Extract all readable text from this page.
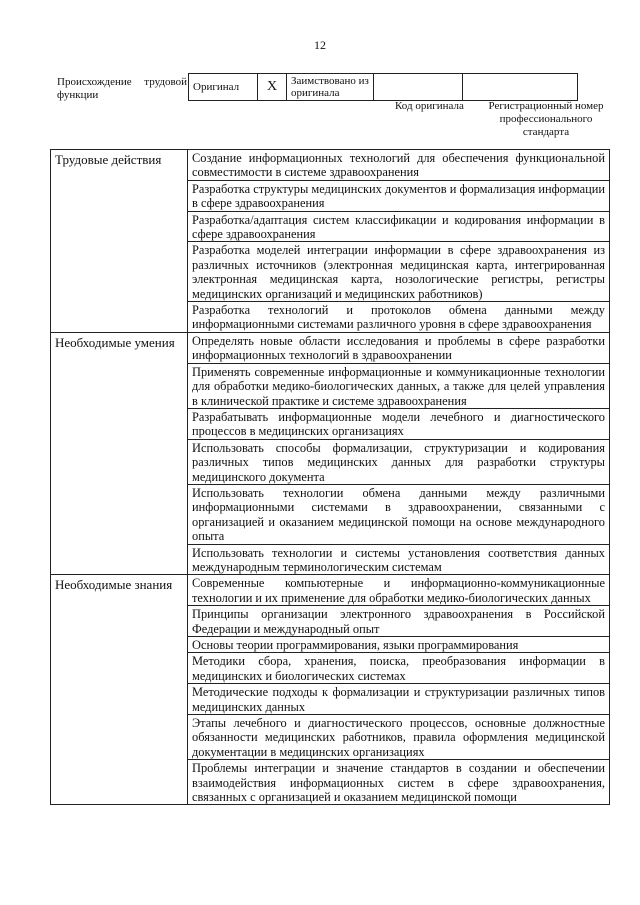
12
Происхождение трудовой функции
Оригинал	X	Заимствовано из оригинала		
Код оригинала Регистрационный номер профессионального стандарта
Трудовые действия	Создание информационных технологий для обеспечения функциональной совместимости в системе здравоохранения
	Разработка структуры медицинских документов и формализация информации в сфере здравоохранения
	Разработка/адаптация систем классификации и кодирования информации в сфере здравоохранения
	Разработка моделей интеграции информации в сфере здравоохранения из различных источников (электронная медицинская карта, интегрированная электронная медицинская карта, нозологические регистры, регистры медицинских организаций и медицинских работников)
	Разработка технологий и протоколов обмена данными между информационными системами различного уровня в сфере здравоохранения
Необходимые умения	Определять новые области исследования и проблемы в сфере разработки информационных технологий в здравоохранении
	Применять современные информационные и коммуникационные технологии для обработки медико-биологических данных, а также для целей управления в клинической практике и системе здравоохранения
	Разрабатывать информационные модели лечебного и диагностического процессов в медицинских организациях
	Использовать способы формализации, структуризации и кодирования различных типов медицинских данных для разработки структуры медицинского документа
	Использовать технологии обмена данными между различными информационными системами в здравоохранении, связанными с организацией и оказанием медицинской помощи на основе международного опыта
	Использовать технологии и системы установления соответствия данных международным терминологическим системам
Необходимые знания	Современные компьютерные и информационно-коммуникационные технологии и их применение для обработки медико-биологических данных
	Принципы организации электронного здравоохранения в Российской Федерации и международный опыт
	Основы теории программирования, языки программирования
	Методики сбора, хранения, поиска, преобразования информации в медицинских и биологических системах
	Методические подходы к формализации и структуризации различных типов медицинских данных
	Этапы лечебного и диагностического процессов, основные должностные обязанности медицинских работников, правила оформления медицинской документации в медицинских организациях
	Проблемы интеграции и значение стандартов в создании и обеспечении взаимодействия информационных систем в сфере здравоохранения, связанных с организацией и оказанием медицинской помощи
